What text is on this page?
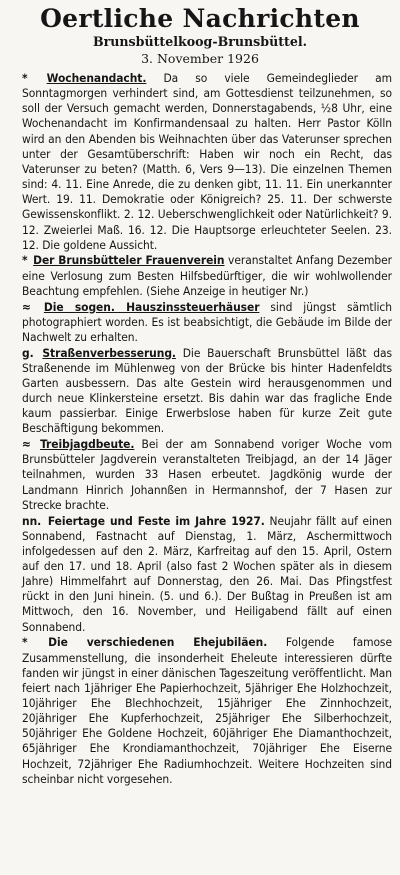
Oertliche Nachrichten
Brunsbüttelkoog-Brunsbüttel.
3. November 1926

* Wochenandacht. Da so viele Gemeindeglieder am Sonntagmorgen verhindert sind, am Gottesdienst teilzunehmen, so soll der Versuch gemacht werden, Donnerstagabends, ½8 Uhr, eine Wochenandacht im Konfirmandensaal zu halten. Herr Pastor Kölln wird an den Abenden bis Weihnachten über das Vaterunser sprechen unter der Gesamtüberschrift: Haben wir noch ein Recht, das Vaterunser zu beten? (Matth. 6, Vers 9—13). Die einzelnen Themen sind: 4. 11. Eine Anrede, die zu denken gibt, 11. 11. Ein unerkannter Wert. 19. 11. Demokratie oder Königreich? 25. 11. Der schwerste Gewissenskonflikt. 2. 12. Ueberschwenglichkeit oder Natürlichkeit? 9. 12. Zweierlei Maß. 16. 12. Die Hauptsorge erleuchteter Seelen. 23. 12. Die goldene Aussicht.

* Der Brunsbütteler Frauenverein veranstaltet Anfang Dezember eine Verlosung zum Besten Hilfsbedürftiger, die wir wohlwollender Beachtung empfehlen. (Siehe Anzeige in heutiger Nr.)

≈ Die sogen. Hauszinssteuerhäuser sind jüngst sämtlich photographiert worden. Es ist beabsichtigt, die Gebäude im Bilde der Nachwelt zu erhalten.

g. Straßenverbesserung. Die Bauerschaft Brunsbüttel läßt das Straßenende im Mühlenweg von der Brücke bis hinter Hadenfeldts Garten ausbessern. Das alte Gestein wird herausgenommen und durch neue Klinkersteine ersetzt. Bis dahin war das fragliche Ende kaum passierbar. Einige Erwerbslose haben für kurze Zeit gute Beschäftigung bekommen.

≈ Treibjagdbeute. Bei der am Sonnabend voriger Woche vom Brunsbütteler Jagdverein veranstalteten Treibjagd, an der 14 Jäger teilnahmen, wurden 33 Hasen erbeutet. Jagdkönig wurde der Landmann Hinrich Johannßen in Hermannshof, der 7 Hasen zur Strecke brachte.

nn. Feiertage und Feste im Jahre 1927. Neujahr fällt auf einen Sonnabend, Fastnacht auf Dienstag, 1. März, Aschermittwoch infolgedessen auf den 2. März, Karfreitag auf den 15. April, Ostern auf den 17. und 18. April (also fast 2 Wochen später als in diesem Jahre) Himmelfahrt auf Donnerstag, den 26. Mai. Das Pfingstfest rückt in den Juni hinein. (5. und 6.). Der Bußtag in Preußen ist am Mittwoch, den 16. November, und Heiligabend fällt auf einen Sonnabend.

* Die verschiedenen Ehejubiläen. Folgende famose Zusammenstellung, die insonderheit Eheleute interessieren dürfte fanden wir jüngst in einer dänischen Tageszeitung veröffentlicht. Man feiert nach 1jähriger Ehe Papierhochzeit, 5jähriger Ehe Holzhochzeit, 10jähriger Ehe Blechhochzeit, 15jähriger Ehe Zinnhochzeit, 20jähriger Ehe Kupferhochzeit, 25jähriger Ehe Silberhochzeit, 50jähriger Ehe Goldene Hochzeit, 60jähriger Ehe Diamanthochzeit, 65jähriger Ehe Krondiamanthochzeit, 70jähriger Ehe Eiserne Hochzeit, 72jähriger Ehe Radiumhochzeit. Weitere Hochzeiten sind scheinbar nicht vorgesehen.
